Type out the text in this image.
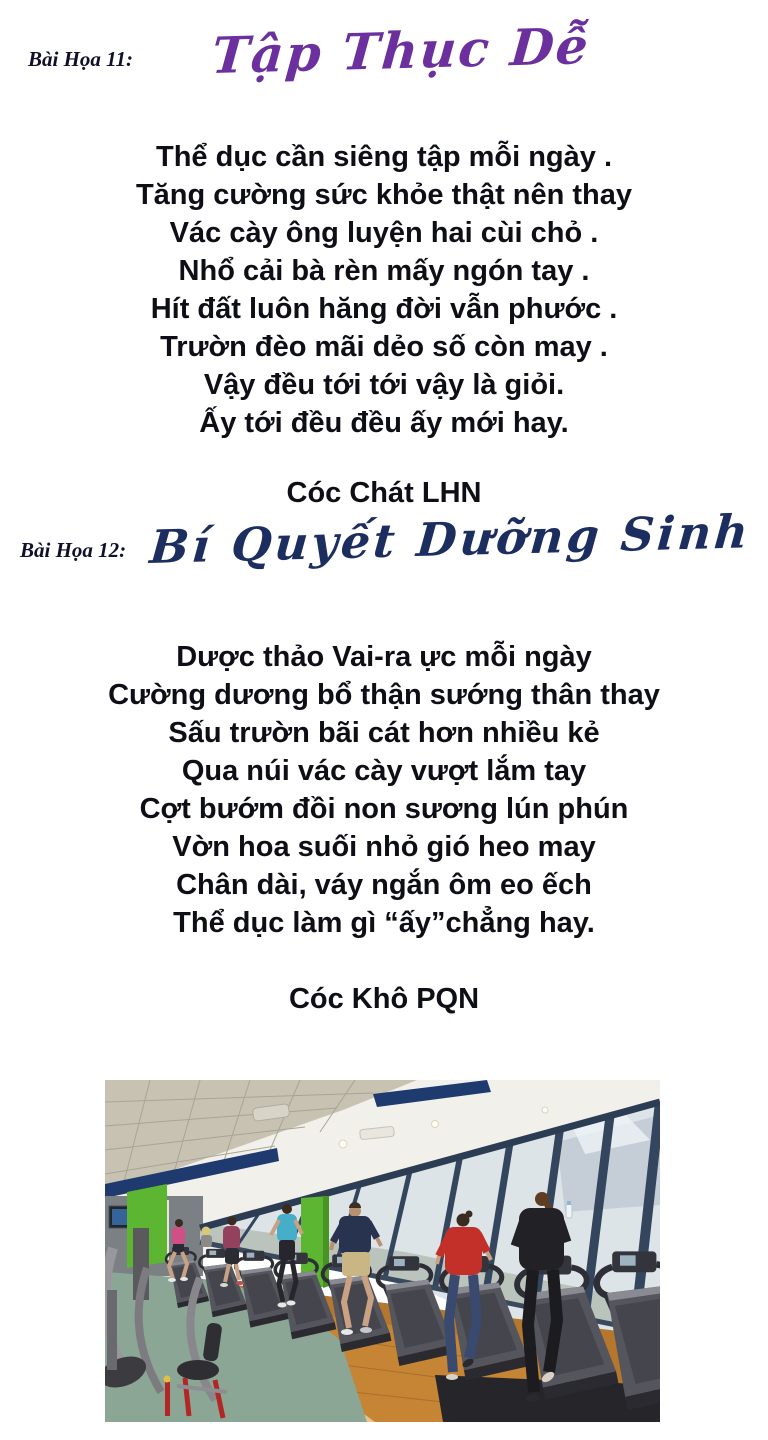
Bài Họa 11: Tập Thục Dễ
Thể dục cần siêng tập mỗi ngày .
Tăng cường sức khỏe thật nên thay
Vác cày ông luyện hai cùi chỏ .
Nhổ cải bà rèn mấy ngón tay .
Hít đất luôn hăng đời vẫn phước .
Trườn đèo mãi dẻo số còn may .
Vậy đều tới tới vậy là giỏi.
Ấy tới đều đều ấy mới hay.
Cóc Chát LHN
Bài Họa 12: Bí Quyết Dưỡng Sinh
Dược thảo Vai-ra ực mỗi ngày
Cường dương bổ thận sướng thân thay
Sấu trườn bãi cát hơn nhiều kẻ
Qua núi vác cày vượt lắm tay
Cợt bướm đồi non sương lún phún
Vờn hoa suối nhỏ gió heo may
Chân dài, váy ngắn ôm eo ếch
Thể dục làm gì “ấy”chẳng hay.
Cóc Khô PQN
